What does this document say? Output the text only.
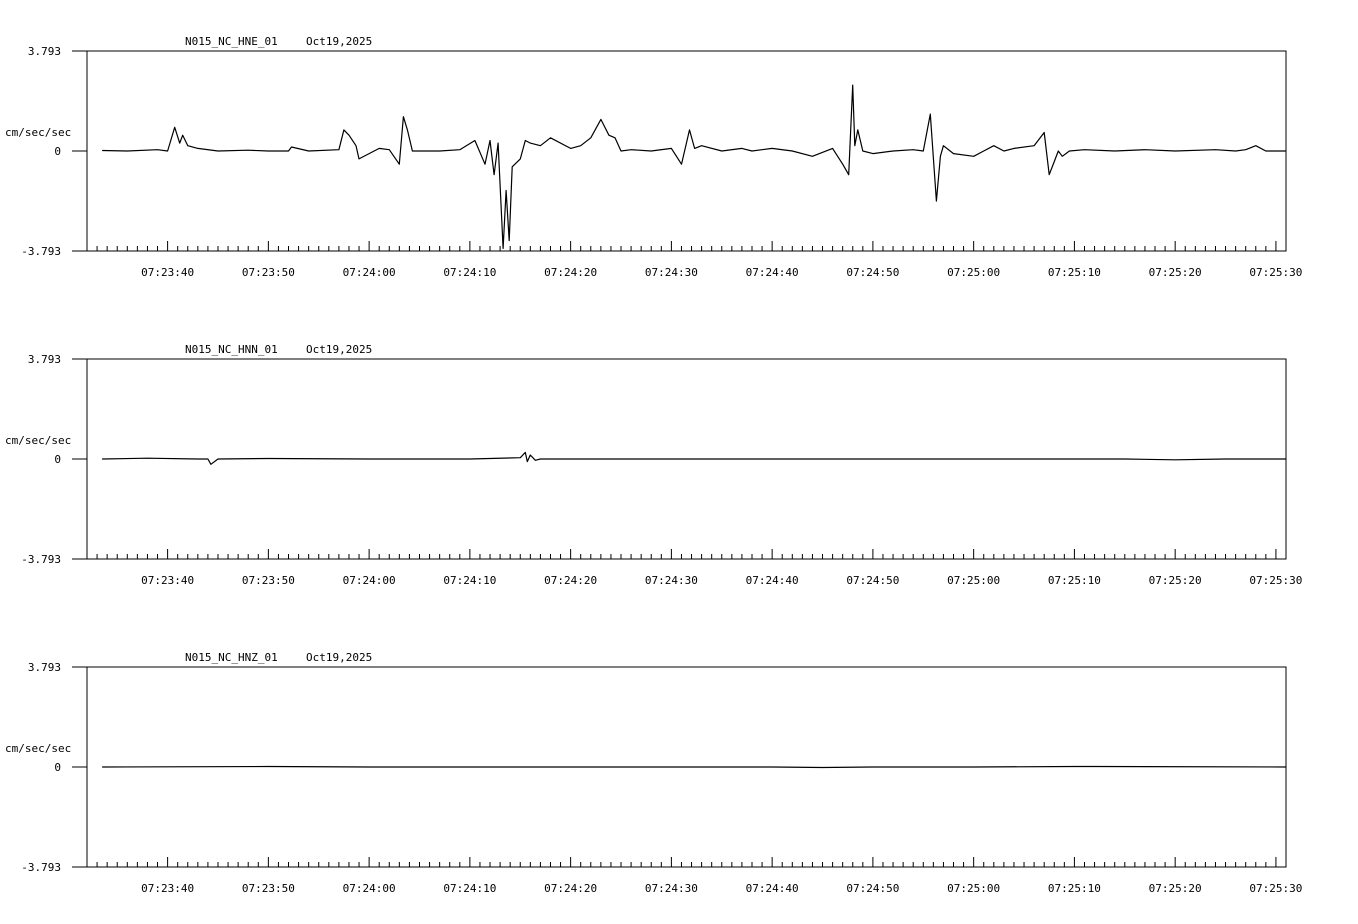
N015_NC_HNE_01	Oct19,2025
cm/sec/sec
3.793
0
-3.793
07:23:40	07:23:50	07:24:00	07:24:10	07:24:20	07:24:30	07:24:40	07:24:50	07:25:00	07:25:10	07:25:20	07:25:30
N015_NC_HNN_01	Oct19,2025
cm/sec/sec
3.793
0
-3.793
07:23:40	07:23:50	07:24:00	07:24:10	07:24:20	07:24:30	07:24:40	07:24:50	07:25:00	07:25:10	07:25:20	07:25:30
N015_NC_HNZ_01	Oct19,2025
cm/sec/sec
3.793
0
-3.793
07:23:40	07:23:50	07:24:00	07:24:10	07:24:20	07:24:30	07:24:40	07:24:50	07:25:00	07:25:10	07:25:20	07:25:30
